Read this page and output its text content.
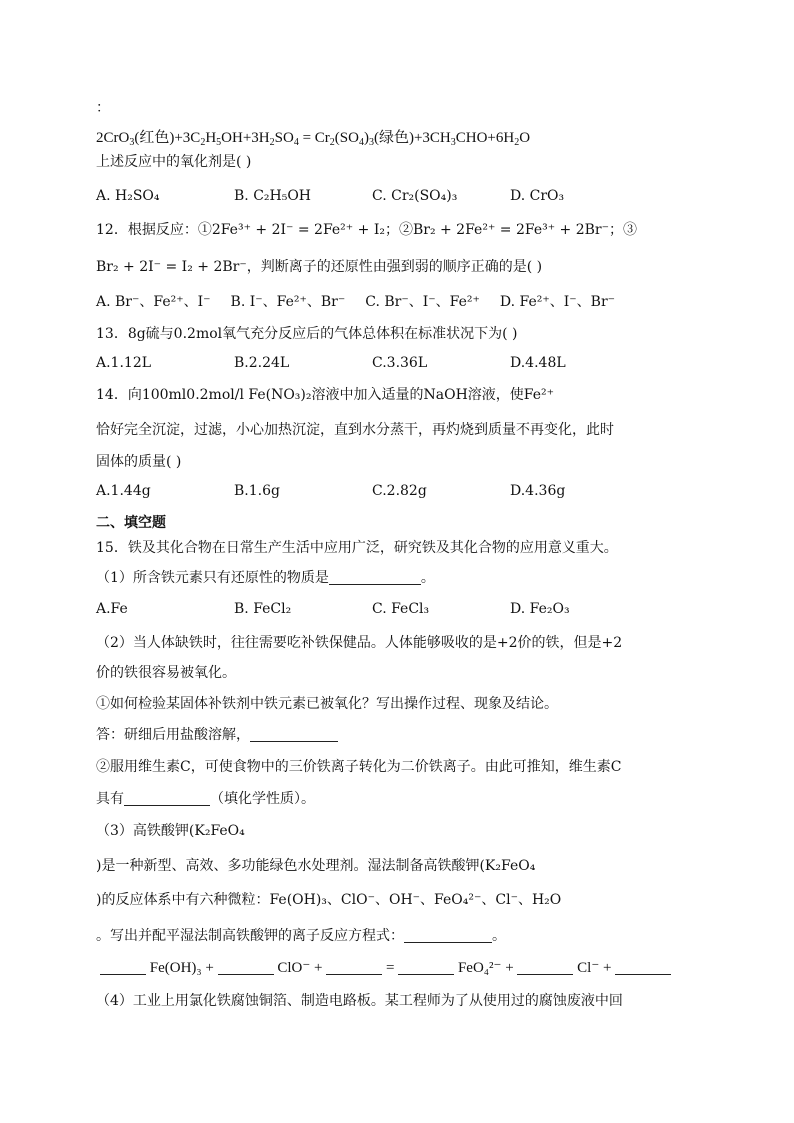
：
2CrO$_3$(红色)$+3C_2H_5OH+3H_2SO_4 = Cr_2(SO_4)_3$(绿色)$+3CH_3CHO+6H_2O$
上述反应中的氧化剂是( )
A. H₂SO₄	B. C₂H₅OH	C. Cr₂(SO₄)₃	D. CrO₃
12．根据反应：①2Fe³⁺ + 2I⁻ = 2Fe²⁺ + I₂；②Br₂ + 2Fe²⁺ = 2Fe³⁺ + 2Br⁻；③
Br₂ + 2I⁻ = I₂ + 2Br⁻，判断离子的还原性由强到弱的顺序正确的是( )
A. Br⁻、Fe²⁺、I⁻ B. I⁻、Fe²⁺、Br⁻ C. Br⁻、I⁻、Fe²⁺ D. Fe²⁺、I⁻、Br⁻
13．8g硫与0.2mol氧气充分反应后的气体总体积在标准状况下为( )
A.1.12L	B.2.24L	C.3.36L	D.4.48L
14．向100ml0.2mol/l Fe(NO₃)₂溶液中加入适量的NaOH溶液，使Fe²⁺
恰好完全沉淀，过滤，小心加热沉淀，直到水分蒸干，再灼烧到质量不再变化，此时
固体的质量( )
A.1.44g	B.1.6g	C.2.82g	D.4.36g
二、填空题
15．铁及其化合物在日常生产生活中应用广泛，研究铁及其化合物的应用意义重大。
（1）所含铁元素只有还原性的物质是	。
A.Fe	B. FeCl₂	C. FeCl₃	D. Fe₂O₃
（2）当人体缺铁时，往往需要吃补铁保健品。人体能够吸收的是+2价的铁，但是+2
价的铁很容易被氧化。
①如何检验某固体补铁剂中铁元素已被氧化？写出操作过程、现象及结论。
答：研细后用盐酸溶解，
②服用维生素C，可使食物中的三价铁离子转化为二价铁离子。由此可推知，维生素C
具有	（填化学性质）。
（3）高铁酸钾(K₂FeO₄
)是一种新型、高效、多功能绿色水处理剂。湿法制备高铁酸钾(K₂FeO₄
)的反应体系中有六种微粒：Fe(OH)₃、ClO⁻、OH⁻、FeO₄²⁻、Cl⁻、H₂O
。写出并配平湿法制高铁酸钾的离子反应方程式：	。
Fe(OH)₃ +	ClO⁻ +	=	FeO₄²⁻ +	Cl⁻ +
（4）工业上用氯化铁腐蚀铜箔、制造电路板。某工程师为了从使用过的腐蚀废液中回
